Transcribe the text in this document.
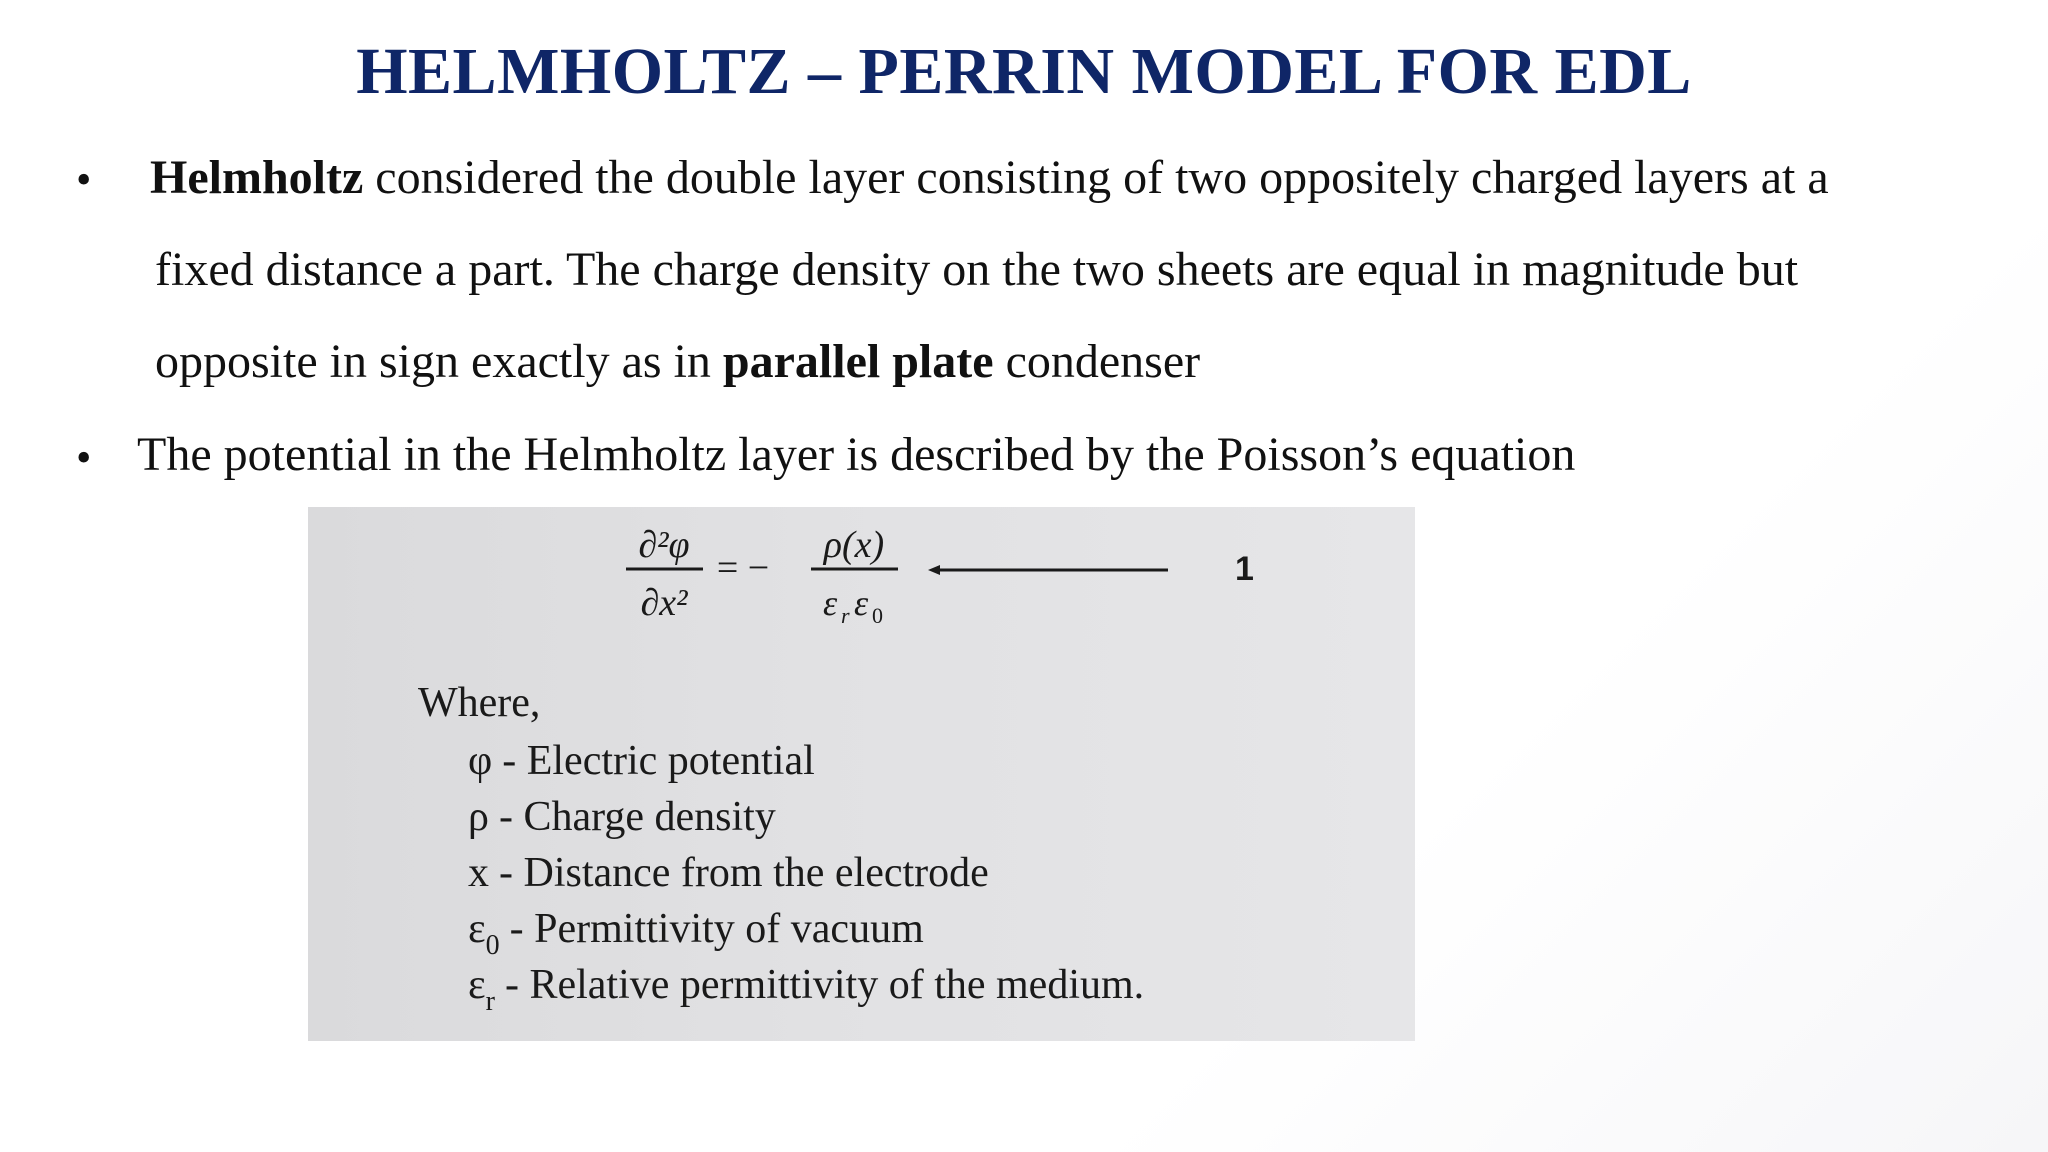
HELMHOLTZ – PERRIN MODEL FOR EDL
• Helmholtz considered the double layer consisting of two oppositely charged layers at a
fixed distance a part. The charge density on the two sheets are equal in magnitude but
opposite in sign exactly as in parallel plate condenser
• The potential in the Helmholtz layer is described by the Poisson’s equation
∂²φ
∂x²
= −
ρ(x)
ε r ε 0
1
Where,
φ - Electric potential
ρ - Charge density
x - Distance from the electrode
$\varepsilon_0$ - Permittivity of vacuum
$\varepsilon_r$ - Relative permittivity of the medium.
